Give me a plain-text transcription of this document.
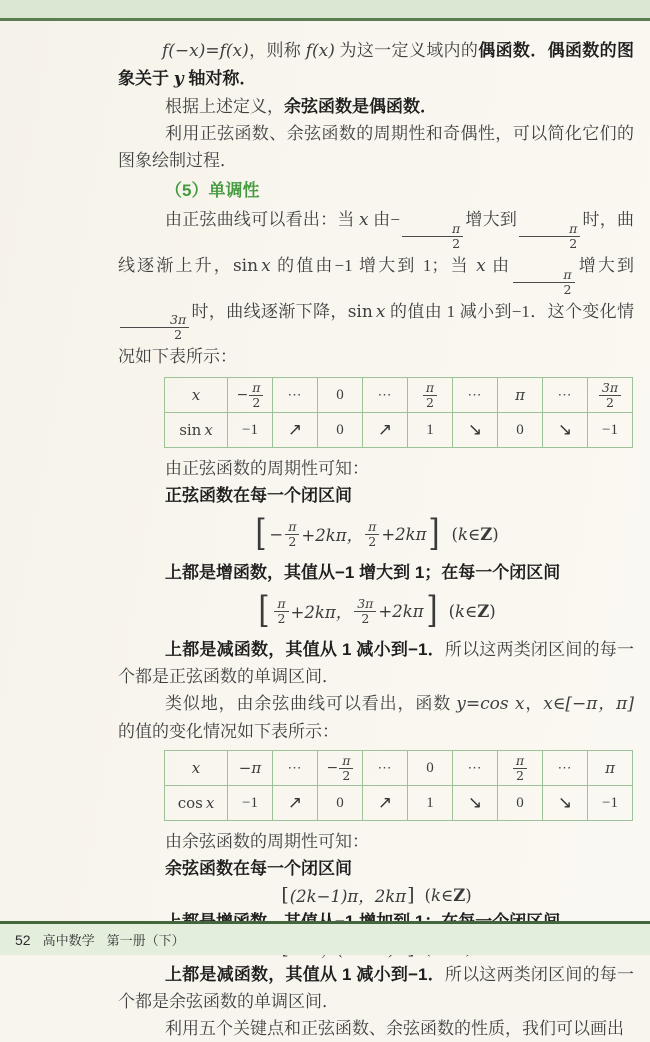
f(−x)=f(x)，则称 f(x) 为这一定义域内的偶函数．偶函数的图象关于 y 轴对称．

根据上述定义，余弦函数是偶函数．

利用正弦函数、余弦函数的周期性和奇偶性，可以简化它们的图象绘制过程．

（5）单调性

由正弦曲线可以看出：当 x 由−
$\frac{\pi}{2}$
增大到
$\frac{\pi}{2}$
时，曲线逐渐上升，sin x 的值由−1 增大到 1；当 x 由
$\frac{\pi}{2}$
增大到
$\frac{3\pi}{2}$
时，曲线逐渐下降，sin x 的值由 1 减小到−1．这个变化情况如下表所示：

x	− $\frac{\pi}{2}$	⋯	0	⋯	$\frac{\pi}{2}$	⋯	π	⋯	$\frac{3\pi}{2}$

sin x	−1	↗	0	↗	1	↘	0	↘	−1

由正弦函数的周期性可知：

正弦函数在每一个闭区间

[ − $\frac{\pi}{2} +2k\pi$， $\frac{\pi}{2} +2k\pi$ ] (k∈Z)

上都是增函数，其值从−1 增大到 1；在每一个闭区间

[ $\frac{\pi}{2} +2k\pi$， $\frac{3\pi}{2} +2k\pi$ ] (k∈Z)

上都是减函数，其值从 1 减小到−1．所以这两类闭区间的每一个都是正弦函数的单调区间．

类似地，由余弦曲线可以看出，函数 y=cos x，x∈[−π，π] 的值的变化情况如下表所示：

x	−π	⋯	− $\frac{\pi}{2}$	⋯	0	⋯	$\frac{\pi}{2}$	⋯	π
cos x	−1	↗	0	↗	1	↘	0	↘	−1

由余弦函数的周期性可知：

余弦函数在每一个闭区间

[ (2k−1)π，2kπ ] (k∈Z)

上都是减函数，其值从 1 减小到−1．所以这两类闭区间的每一个都是余弦函数的单调区间．

利用五个关键点和正弦函数、余弦函数的性质，我们可以画出

52 高中数学 第一册（下）
